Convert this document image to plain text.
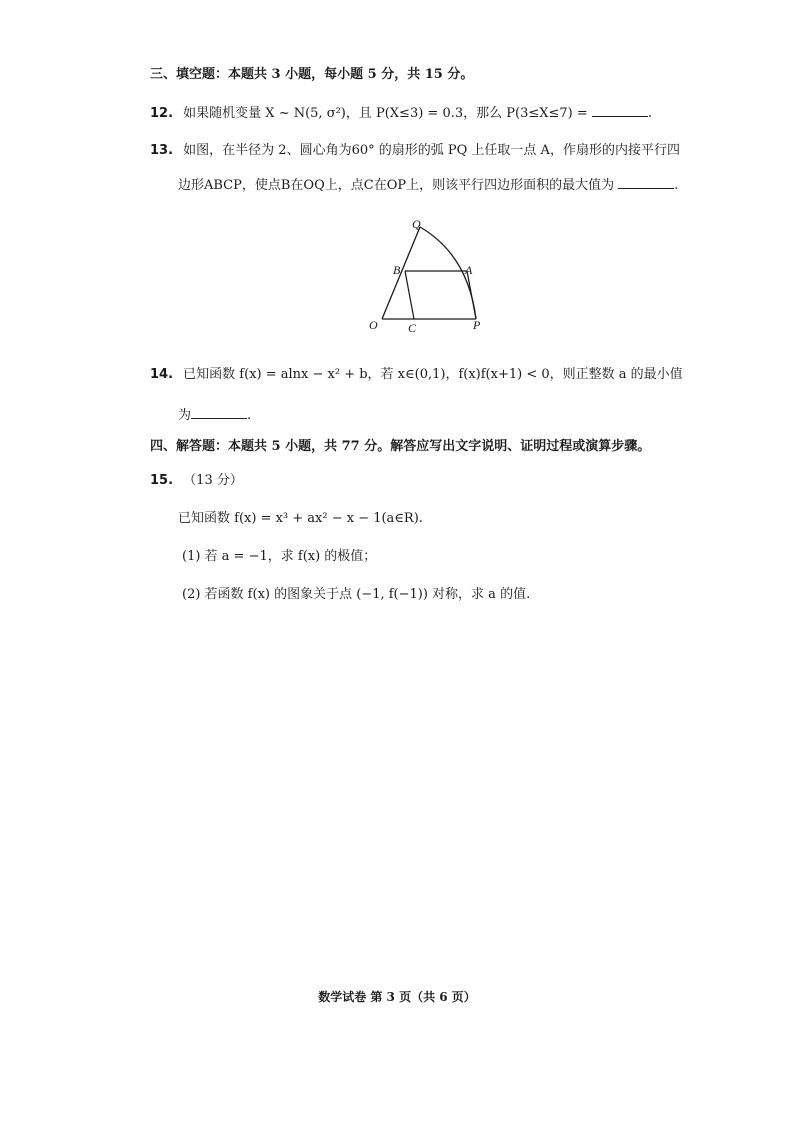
三、填空题：本题共 3 小题，每小题 5 分，共 15 分。
12. 如果随机变量 X ~ N(5, σ²)，且 P(X≤3) = 0.3，那么 P(3≤X≤7) =	.
13. 如图，在半径为 2、圆心角为60° 的扇形的弧 PQ 上任取一点 A，作扇形的内接平行四
边形ABCP，使点B在OQ上，点C在OP上，则该平行四边形面积的最大值为	.
Q
B	A
O	C	P
14. 已知函数 f(x) = alnx − x² + b，若 x∈(0,1)，f(x)f(x+1) < 0，则正整数 a 的最小值
为	.
四、解答题：本题共 5 小题，共 77 分。解答应写出文字说明、证明过程或演算步骤。
15. （13 分）
已知函数 f(x) = x³ + ax² − x − 1(a∈R).
(1) 若 a = −1，求 f(x) 的极值；
(2) 若函数 f(x) 的图象关于点 (−1, f(−1)) 对称，求 a 的值.
数学试卷 第 3 页（共 6 页）
